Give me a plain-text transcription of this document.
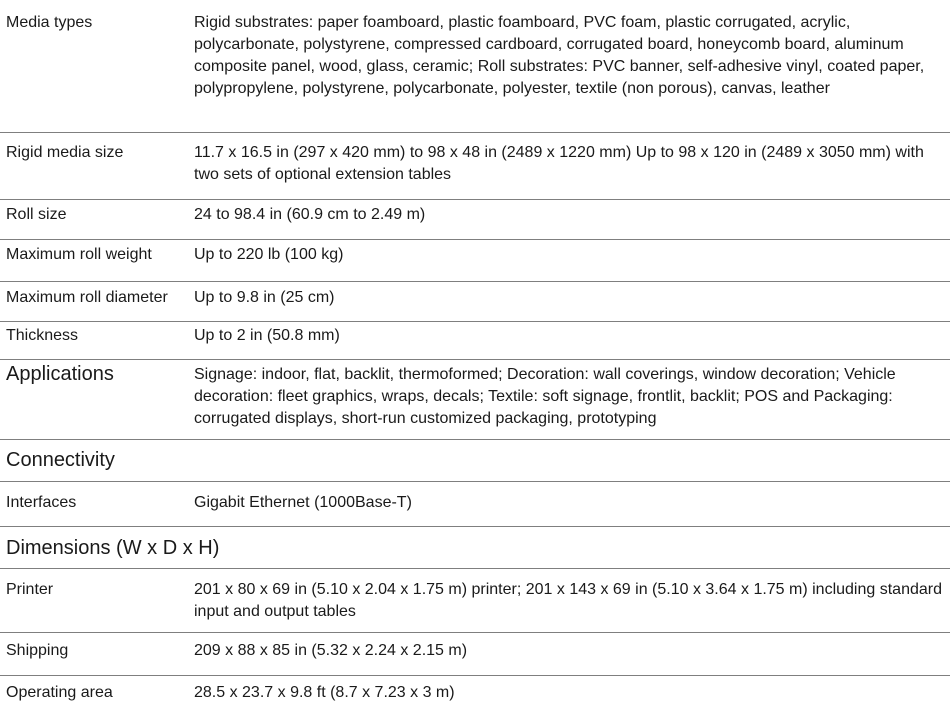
Media types	Rigid substrates: paper foamboard, plastic foamboard, PVC foam, plastic corrugated, acrylic, polycarbonate, polystyrene, compressed cardboard, corrugated board, honeycomb board, aluminum composite panel, wood, glass, ceramic; Roll substrates: PVC banner, self-adhesive vinyl, coated paper, polypropylene, polystyrene, polycarbonate, polyester, textile (non porous), canvas, leather
Rigid media size	11.7 x 16.5 in (297 x 420 mm) to 98 x 48 in (2489 x 1220 mm) Up to 98 x 120 in (2489 x 3050 mm) with two sets of optional extension tables
Roll size	24 to 98.4 in (60.9 cm to 2.49 m)
Maximum roll weight	Up to 220 lb (100 kg)
Maximum roll diameter Up to 9.8 in (25 cm)
Thickness	Up to 2 in (50.8 mm)
Applications	Signage: indoor, flat, backlit, thermoformed; Decoration: wall coverings, window decoration; Vehicle decoration: fleet graphics, wraps, decals; Textile: soft signage, frontlit, backlit; POS and Packaging: corrugated displays, short-run customized packaging, prototyping
Connectivity
Interfaces	Gigabit Ethernet (1000Base-T)
Dimensions (W x D x H)
Printer	201 x 80 x 69 in (5.10 x 2.04 x 1.75 m) printer; 201 x 143 x 69 in (5.10 x 3.64 x 1.75 m) including standard input and output tables
Shipping	209 x 88 x 85 in (5.32 x 2.24 x 2.15 m)
Operating area	28.5 x 23.7 x 9.8 ft (8.7 x 7.23 x 3 m)
